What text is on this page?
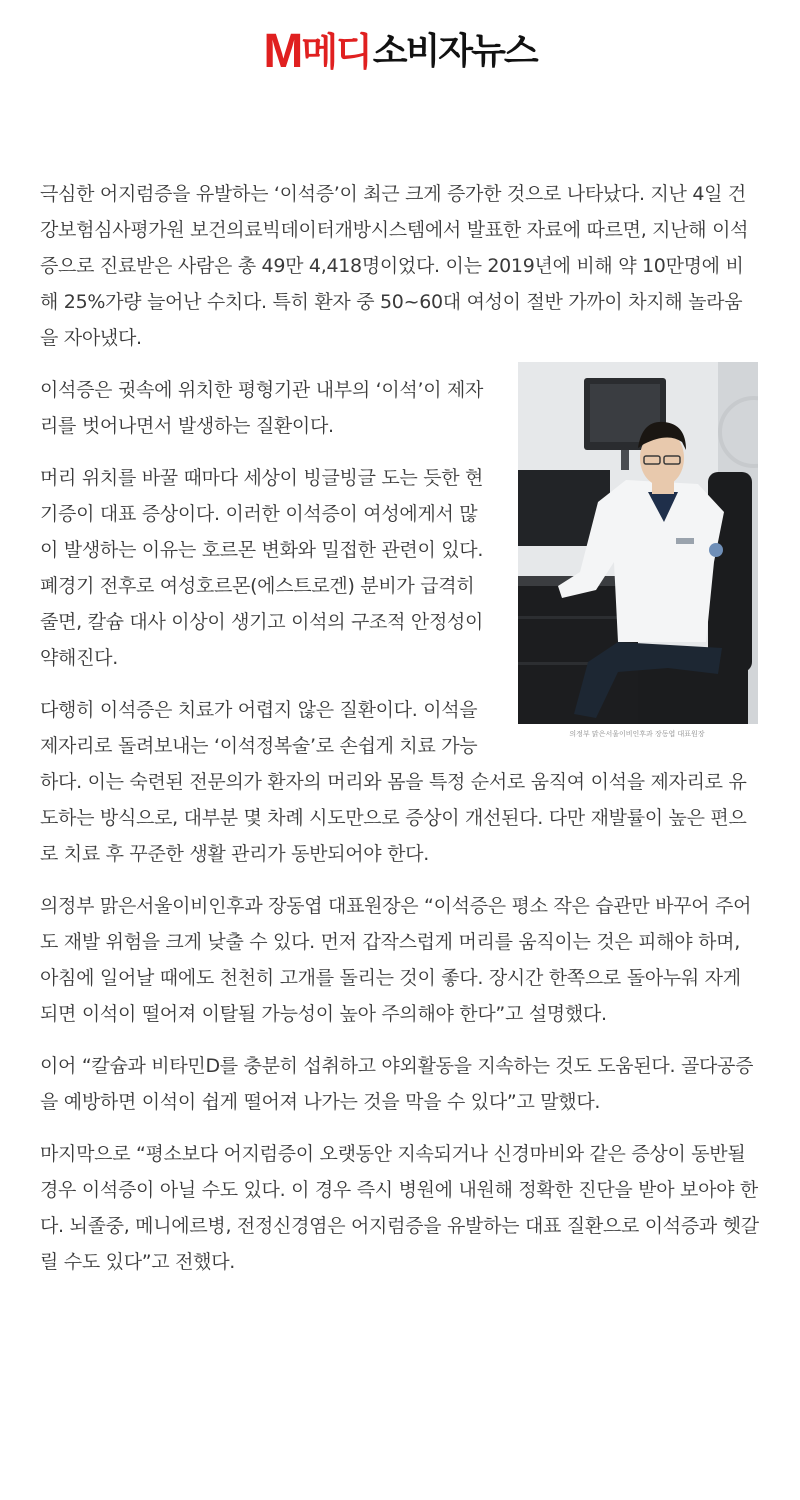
M 메디 소비자뉴스

극심한 어지럼증을 유발하는 ‘이석증’이 최근 크게 증가한 것으로 나타났다. 지난 4일 건강보험심사평가원 보건의료빅데이터개방시스템에서 발표한 자료에 따르면, 지난해 이석증으로 진료받은 사람은 총 49만 4,418명이었다. 이는 2019년에 비해 약 10만명에 비해 25%가량 늘어난 수치다. 특히 환자 중 50~60대 여성이 절반 가까이 차지해 놀라움을 자아냈다.

의정부 맑은서울이비인후과 장동엽 대표원장

이석증은 귓속에 위치한 평형기관 내부의 ‘이석’이 제자리를 벗어나면서 발생하는 질환이다.

머리 위치를 바꿀 때마다 세상이 빙글빙글 도는 듯한 현기증이 대표 증상이다. 이러한 이석증이 여성에게서 많이 발생하는 이유는 호르몬 변화와 밀접한 관련이 있다. 폐경기 전후로 여성호르몬(에스트로겐) 분비가 급격히 줄면, 칼슘 대사 이상이 생기고 이석의 구조적 안정성이 약해진다.

다행히 이석증은 치료가 어렵지 않은 질환이다. 이석을 제자리로 돌려보내는 ‘이석정복술’로 손쉽게 치료 가능하다. 이는 숙련된 전문의가 환자의 머리와 몸을 특정 순서로 움직여 이석을 제자리로 유도하는 방식으로, 대부분 몇 차례 시도만으로 증상이 개선된다. 다만 재발률이 높은 편으로 치료 후 꾸준한 생활 관리가 동반되어야 한다.

의정부 맑은서울이비인후과 장동엽 대표원장은 “이석증은 평소 작은 습관만 바꾸어 주어도 재발 위험을 크게 낮출 수 있다. 먼저 갑작스럽게 머리를 움직이는 것은 피해야 하며, 아침에 일어날 때에도 천천히 고개를 돌리는 것이 좋다. 장시간 한쪽으로 돌아누워 자게 되면 이석이 떨어져 이탈될 가능성이 높아 주의해야 한다”고 설명했다.

이어 “칼슘과 비타민D를 충분히 섭취하고 야외활동을 지속하는 것도 도움된다. 골다공증을 예방하면 이석이 쉽게 떨어져 나가는 것을 막을 수 있다”고 말했다.

마지막으로 “평소보다 어지럼증이 오랫동안 지속되거나 신경마비와 같은 증상이 동반될 경우 이석증이 아닐 수도 있다. 이 경우 즉시 병원에 내원해 정확한 진단을 받아 보아야 한다. 뇌졸중, 메니에르병, 전정신경염은 어지럼증을 유발하는 대표 질환으로 이석증과 헷갈릴 수도 있다”고 전했다.
